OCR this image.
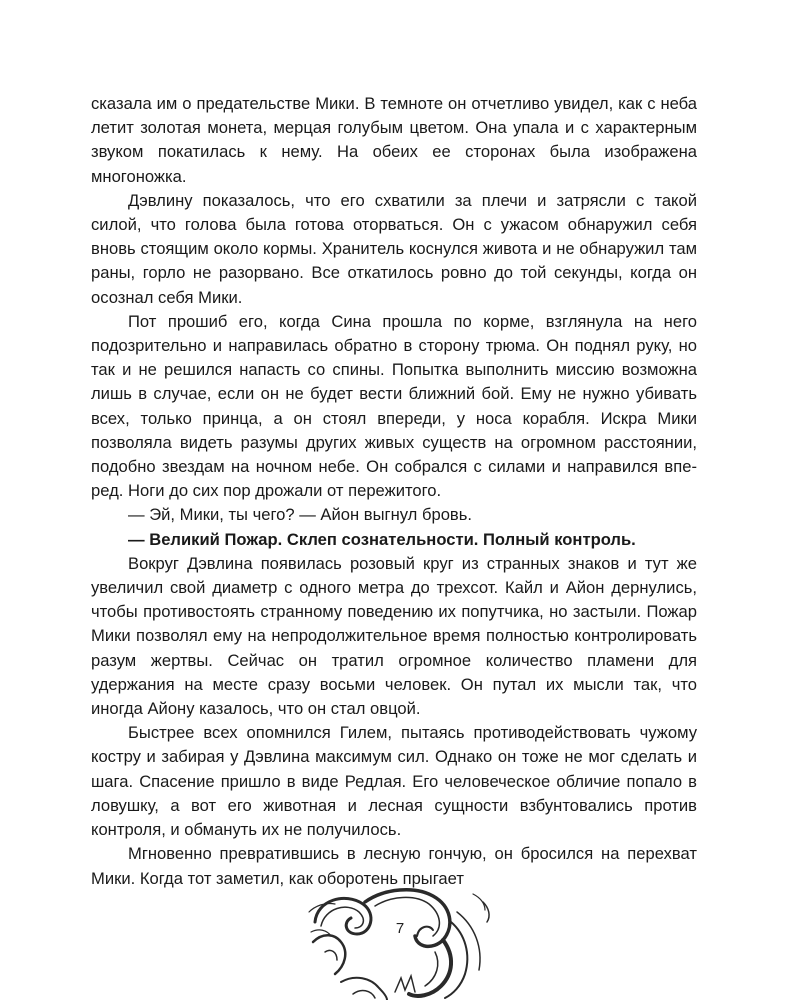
сказала им о предательстве Мики. В темноте он отчетливо увидел, как с неба летит золотая монета, мерцая голубым цветом. Она упала и с характерным звуком покатилась к нему. На обеих ее сторонах была изображена многоножка.

Дэвлину показалось, что его схватили за плечи и затрясли с такой силой, что голова была готова оторваться. Он с ужасом обнаружил себя вновь стоящим около кормы. Хранитель коснулся живота и не обнаружил там раны, горло не разорвано. Все откатилось ровно до той секунды, когда он осознал себя Мики.

Пот прошиб его, когда Сина прошла по корме, взглянула на него подозрительно и направилась обратно в сторону трюма. Он поднял руку, но так и не решился напасть со спины. Попытка выполнить миссию возможна лишь в случае, если он не будет вести ближний бой. Ему не нужно убивать всех, только принца, а он стоял впереди, у носа корабля. Искра Мики позволяла видеть разумы других живых существ на огромном расстоянии, подобно звездам на ночном небе. Он собрался с силами и направился вперед. Ноги до сих пор дрожали от пережитого.

— Эй, Мики, ты чего? — Айон выгнул бровь.

— Великий Пожар. Склеп сознательности. Полный контроль.

Вокруг Дэвлина появилась розовый круг из странных знаков и тут же увеличил свой диаметр с одного метра до трехсот. Кайл и Айон дернулись, чтобы противостоять странному поведению их попутчика, но застыли. Пожар Мики позволял ему на непродолжительное время полностью контролировать разум жертвы. Сейчас он тратил огромное количество пламени для удержания на месте сразу восьми человек. Он путал их мысли так, что иногда Айону казалось, что он стал овцой.

Быстрее всех опомнился Гилем, пытаясь противодействовать чужому костру и забирая у Дэвлина максимум сил. Однако он тоже не мог сделать и шага. Спасение пришло в виде Редлая. Его человеческое обличие попало в ловушку, а вот его животная и лесная сущности взбунтовались против контроля, и обмануть их не получилось.

Мгновенно превратившись в лесную гончую, он бросился на перехват Мики. Когда тот заметил, как оборотень прыгает

7
